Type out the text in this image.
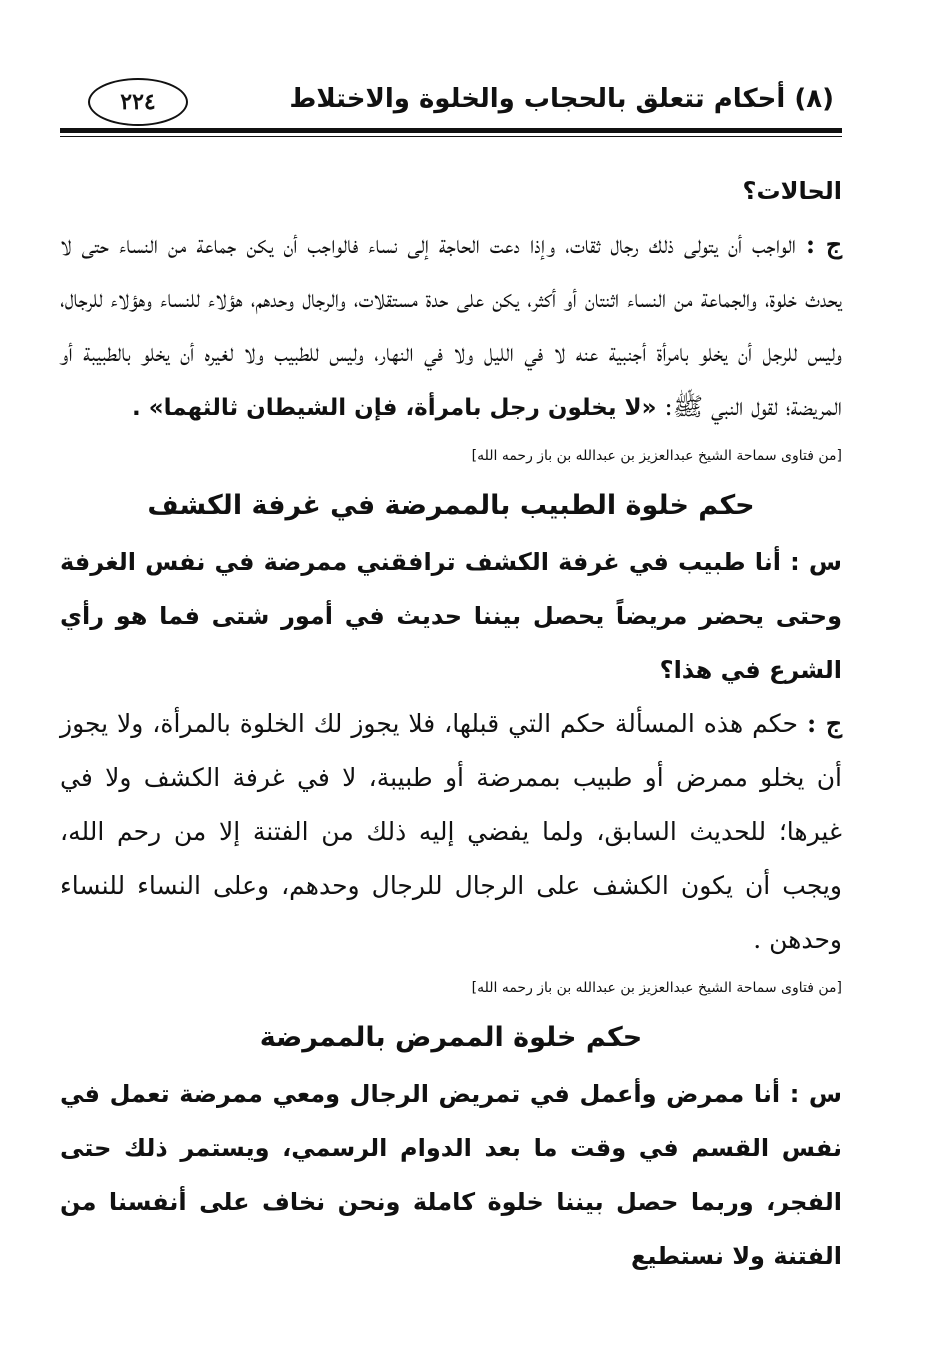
(٨) أحكام تتعلق بالحجاب والخلوة والاختلاط
٢٢٤

الحالات؟

ج : الواجب أن يتولى ذلك رجال ثقات، وإذا دعت الحاجة إلى نساء فالواجب أن يكن جماعة من النساء حتى لا يحدث خلوة، والجماعة من النساء اثنتان أو أكثر، يكن على حدة مستقلات، والرجال وحدهم، هؤلاء للنساء وهؤلاء للرجال، وليس للرجل أن يخلو بامرأة أجنبية عنه لا في الليل ولا في النهار، وليس للطبيب ولا لغيره أن يخلو بالطبيبة أو المريضة؛ لقول النبي ﷺ: «لا يخلون رجل بامرأة، فإن الشيطان ثالثهما» .

[من فتاوى سماحة الشيخ عبدالعزيز بن عبدالله بن باز رحمه الله]
حكم خلوة الطبيب بالممرضة في غرفة الكشف

س : أنا طبيب في غرفة الكشف ترافقني ممرضة في نفس الغرفة وحتى يحضر مريضاً يحصل بيننا حديث في أمور شتى فما هو رأي الشرع في هذا؟

ج : حكم هذه المسألة حكم التي قبلها، فلا يجوز لك الخلوة بالمرأة، ولا يجوز أن يخلو ممرض أو طبيب بممرضة أو طبيبة، لا في غرفة الكشف ولا في غيرها؛ للحديث السابق، ولما يفضي إليه ذلك من الفتنة إلا من رحم الله، ويجب أن يكون الكشف على الرجال للرجال وحدهم، وعلى النساء للنساء وحدهن .

[من فتاوى سماحة الشيخ عبدالعزيز بن عبدالله بن باز رحمه الله]
حكم خلوة الممرض بالممرضة

س : أنا ممرض وأعمل في تمريض الرجال ومعي ممرضة تعمل في نفس القسم في وقت ما بعد الدوام الرسمي، ويستمر ذلك حتى الفجر، وربما حصل بيننا خلوة كاملة ونحن نخاف على أنفسنا من الفتنة ولا نستطيع
